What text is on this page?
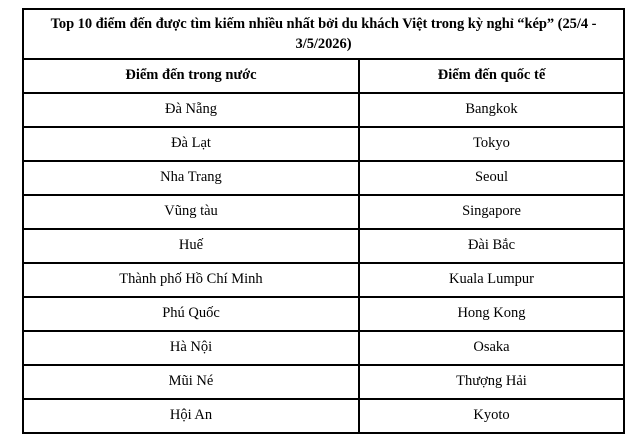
Top 10 điểm đến được tìm kiếm nhiều nhất bởi du khách Việt trong kỳ nghỉ “kép” (25/4 - 3/5/2026)	
Điểm đến trong nước	Điểm đến quốc tế
Đà Nẵng	Bangkok
Đà Lạt	Tokyo
Nha Trang	Seoul
Vũng tàu	Singapore
Huế	Đài Bắc
Thành phố Hồ Chí Minh	Kuala Lumpur
Phú Quốc	Hong Kong
Hà Nội	Osaka
Mũi Né	Thượng Hải
Hội An	Kyoto
